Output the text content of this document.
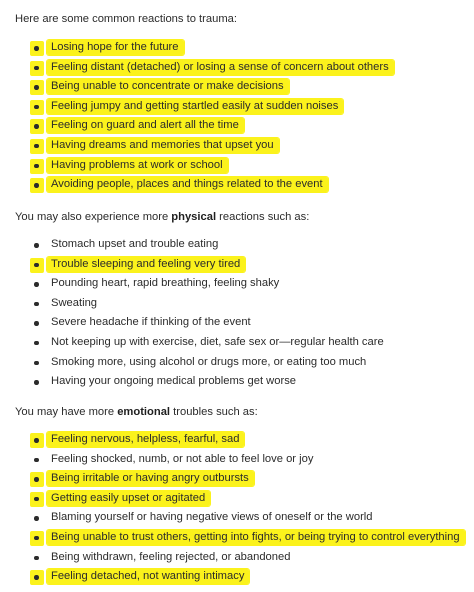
Here are some common reactions to trauma:

Losing hope for the future
Feeling distant (detached) or losing a sense of concern about others
Being unable to concentrate or make decisions
Feeling jumpy and getting startled easily at sudden noises
Feeling on guard and alert all the time
Having dreams and memories that upset you
Having problems at work or school
Avoiding people, places and things related to the event

You may also experience more physical reactions such as:

Stomach upset and trouble eating
Trouble sleeping and feeling very tired
Pounding heart, rapid breathing, feeling shaky
Sweating
Severe headache if thinking of the event
Not keeping up with exercise, diet, safe sex or—regular health care
Smoking more, using alcohol or drugs more, or eating too much
Having your ongoing medical problems get worse

You may have more emotional troubles such as:

Feeling nervous, helpless, fearful, sad
Feeling shocked, numb, or not able to feel love or joy
Being irritable or having angry outbursts
Getting easily upset or agitated
Blaming yourself or having negative views of oneself or the world
Being unable to trust others, getting into fights, or being trying to control everything
Being withdrawn, feeling rejected, or abandoned
Feeling detached, not wanting intimacy
